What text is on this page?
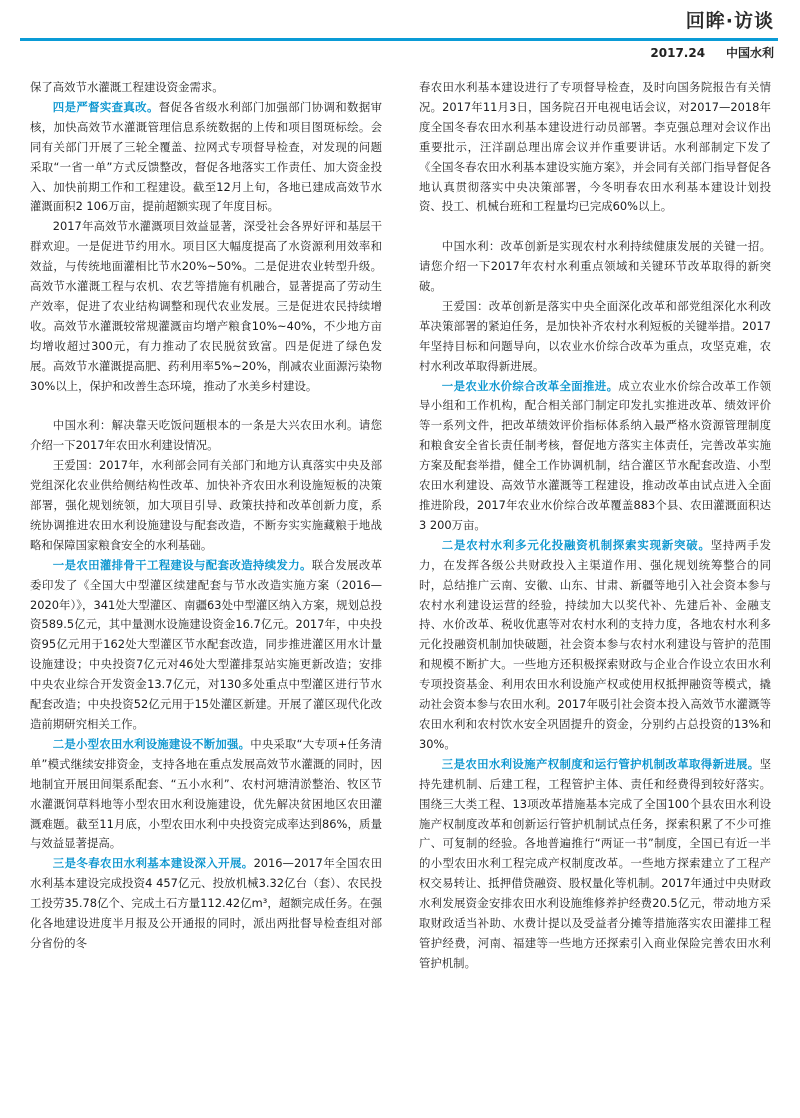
回眸·访谈
2017.24 中国水利

保了高效节水灌溉工程建设资金需求。

四是严督实查真改。督促各省级水利部门加强部门协调和数据审核，加快高效节水灌溉管理信息系统数据的上传和项目图斑标绘。会同有关部门开展了三轮全覆盖、拉网式专项督导检查，对发现的问题采取“一省一单”方式反馈整改，督促各地落实工作责任、加大资金投入、加快前期工作和工程建设。截至12月上旬，各地已建成高效节水灌溉面积2 106万亩，提前超额实现了年度目标。

2017年高效节水灌溉项目效益显著，深受社会各界好评和基层干群欢迎。一是促进节约用水。项目区大幅度提高了水资源利用效率和效益，与传统地面灌相比节水20%~50%。二是促进农业转型升级。高效节水灌溉工程与农机、农艺等措施有机融合，显著提高了劳动生产效率，促进了农业结构调整和现代农业发展。三是促进农民持续增收。高效节水灌溉较常规灌溉亩均增产粮食10%~40%，不少地方亩均增收超过300元，有力推动了农民脱贫致富。四是促进了绿色发展。高效节水灌溉提高肥、药利用率5%~20%，削减农业面源污染物30%以上，保护和改善生态环境，推动了水美乡村建设。

中国水利：解决靠天吃饭问题根本的一条是大兴农田水利。请您介绍一下2017年农田水利建设情况。

王爱国：2017年，水利部会同有关部门和地方认真落实中央及部党组深化农业供给侧结构性改革、加快补齐农田水利设施短板的决策部署，强化规划统领，加大项目引导、政策扶持和改革创新力度，系统协调推进农田水利设施建设与配套改造，不断夯实实施藏粮于地战略和保障国家粮食安全的水利基础。

一是农田灌排骨干工程建设与配套改造持续发力。联合发展改革委印发了《全国大中型灌区续建配套与节水改造实施方案（2016—2020年）》，341处大型灌区、南疆63处中型灌区纳入方案，规划总投资589.5亿元，其中量测水设施建设资金16.7亿元。2017年，中央投资95亿元用于162处大型灌区节水配套改造，同步推进灌区用水计量设施建设；中央投资7亿元对46处大型灌排泵站实施更新改造；安排中央农业综合开发资金13.7亿元，对130多处重点中型灌区进行节水配套改造；中央投资52亿元用于15处灌区新建。开展了灌区现代化改造前期研究相关工作。

二是小型农田水利设施建设不断加强。中央采取“大专项+任务清单”模式继续安排资金，支持各地在重点发展高效节水灌溉的同时，因地制宜开展田间渠系配套、“五小水利”、农村河塘清淤整治、牧区节水灌溉饲草料地等小型农田水利设施建设，优先解决贫困地区农田灌溉难题。截至11月底，小型农田水利中央投资完成率达到86%，质量与效益显著提高。

三是冬春农田水利基本建设深入开展。2016—2017年全国农田水利基本建设完成投资4 457亿元、投放机械3.32亿台（套）、农民投工投劳35.78亿个、完成土石方量112.42亿m³，超额完成任务。在强化各地建设进度半月报及公开通报的同时，派出两批督导检查组对部分省份的冬

春农田水利基本建设进行了专项督导检查，及时向国务院报告有关情况。2017年11月3日，国务院召开电视电话会议，对2017—2018年度全国冬春农田水利基本建设进行动员部署。李克强总理对会议作出重要批示，汪洋副总理出席会议并作重要讲话。水利部制定下发了《全国冬春农田水利基本建设实施方案》，并会同有关部门指导督促各地认真贯彻落实中央决策部署，今冬明春农田水利基本建设计划投资、投工、机械台班和工程量均已完成60%以上。

中国水利：改革创新是实现农村水利持续健康发展的关键一招。请您介绍一下2017年农村水利重点领域和关键环节改革取得的新突破。

王爱国：改革创新是落实中央全面深化改革和部党组深化水利改革决策部署的紧迫任务，是加快补齐农村水利短板的关键举措。2017年坚持目标和问题导向，以农业水价综合改革为重点，攻坚克难，农村水利改革取得新进展。

一是农业水价综合改革全面推进。成立农业水价综合改革工作领导小组和工作机构，配合相关部门制定印发扎实推进改革、绩效评价等一系列文件，把改革绩效评价指标体系纳入最严格水资源管理制度和粮食安全省长责任制考核，督促地方落实主体责任，完善改革实施方案及配套举措，健全工作协调机制，结合灌区节水配套改造、小型农田水利建设、高效节水灌溉等工程建设，推动改革由试点进入全面推进阶段，2017年农业水价综合改革覆盖883个县、农田灌溉面积达3 200万亩。

二是农村水利多元化投融资机制探索实现新突破。坚持两手发力，在发挥各级公共财政投入主渠道作用、强化规划统筹整合的同时，总结推广云南、安徽、山东、甘肃、新疆等地引入社会资本参与农村水利建设运营的经验，持续加大以奖代补、先建后补、金融支持、水价改革、税收优惠等对农村水利的支持力度，各地农村水利多元化投融资机制加快破题，社会资本参与农村水利建设与管护的范围和规模不断扩大。一些地方还积极探索财政与企业合作设立农田水利专项投资基金、利用农田水利设施产权或使用权抵押融资等模式，撬动社会资本参与农田水利。2017年吸引社会资本投入高效节水灌溉等农田水利和农村饮水安全巩固提升的资金，分别约占总投资的13%和30%。

三是农田水利设施产权制度和运行管护机制改革取得新进展。坚持先建机制、后建工程，工程管护主体、责任和经费得到较好落实。围绕三大类工程、13项改革措施基本完成了全国100个县农田水利设施产权制度改革和创新运行管护机制试点任务，探索积累了不少可推广、可复制的经验。各地普遍推行“两证一书”制度，全国已有近一半的小型农田水利工程完成产权制度改革。一些地方探索建立了工程产权交易转让、抵押借贷融资、股权量化等机制。2017年通过中央财政水利发展资金安排农田水利设施维修养护经费20.5亿元，带动地方采取财政适当补助、水费计提以及受益者分摊等措施落实农田灌排工程管护经费，河南、福建等一些地方还探索引入商业保险完善农田水利管护机制。
